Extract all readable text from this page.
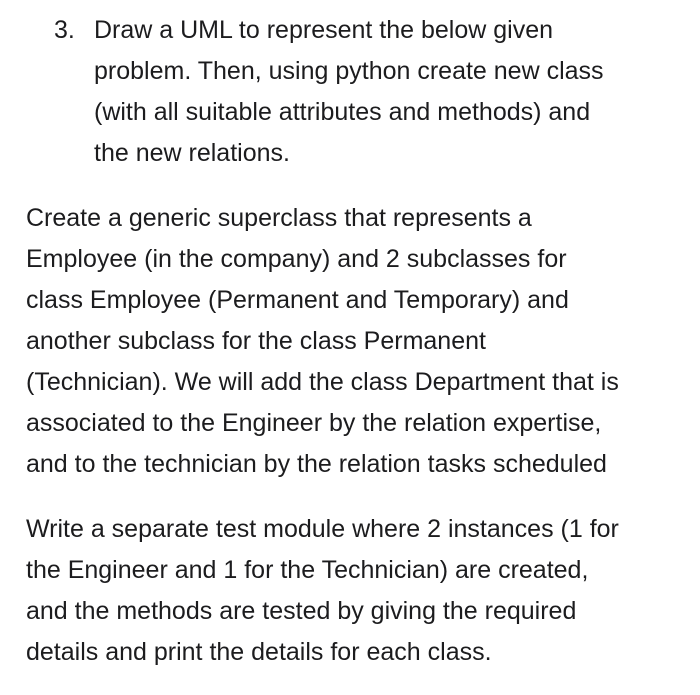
3. Draw a UML to represent the below given
problem. Then, using python create new class
(with all suitable attributes and methods) and
the new relations.
Create a generic superclass that represents a
Employee (in the company) and 2 subclasses for
class Employee (Permanent and Temporary) and
another subclass for the class Permanent
(Technician). We will add the class Department that is
associated to the Engineer by the relation expertise,
and to the technician by the relation tasks scheduled
Write a separate test module where 2 instances (1 for
the Engineer and 1 for the Technician) are created,
and the methods are tested by giving the required
details and print the details for each class.
